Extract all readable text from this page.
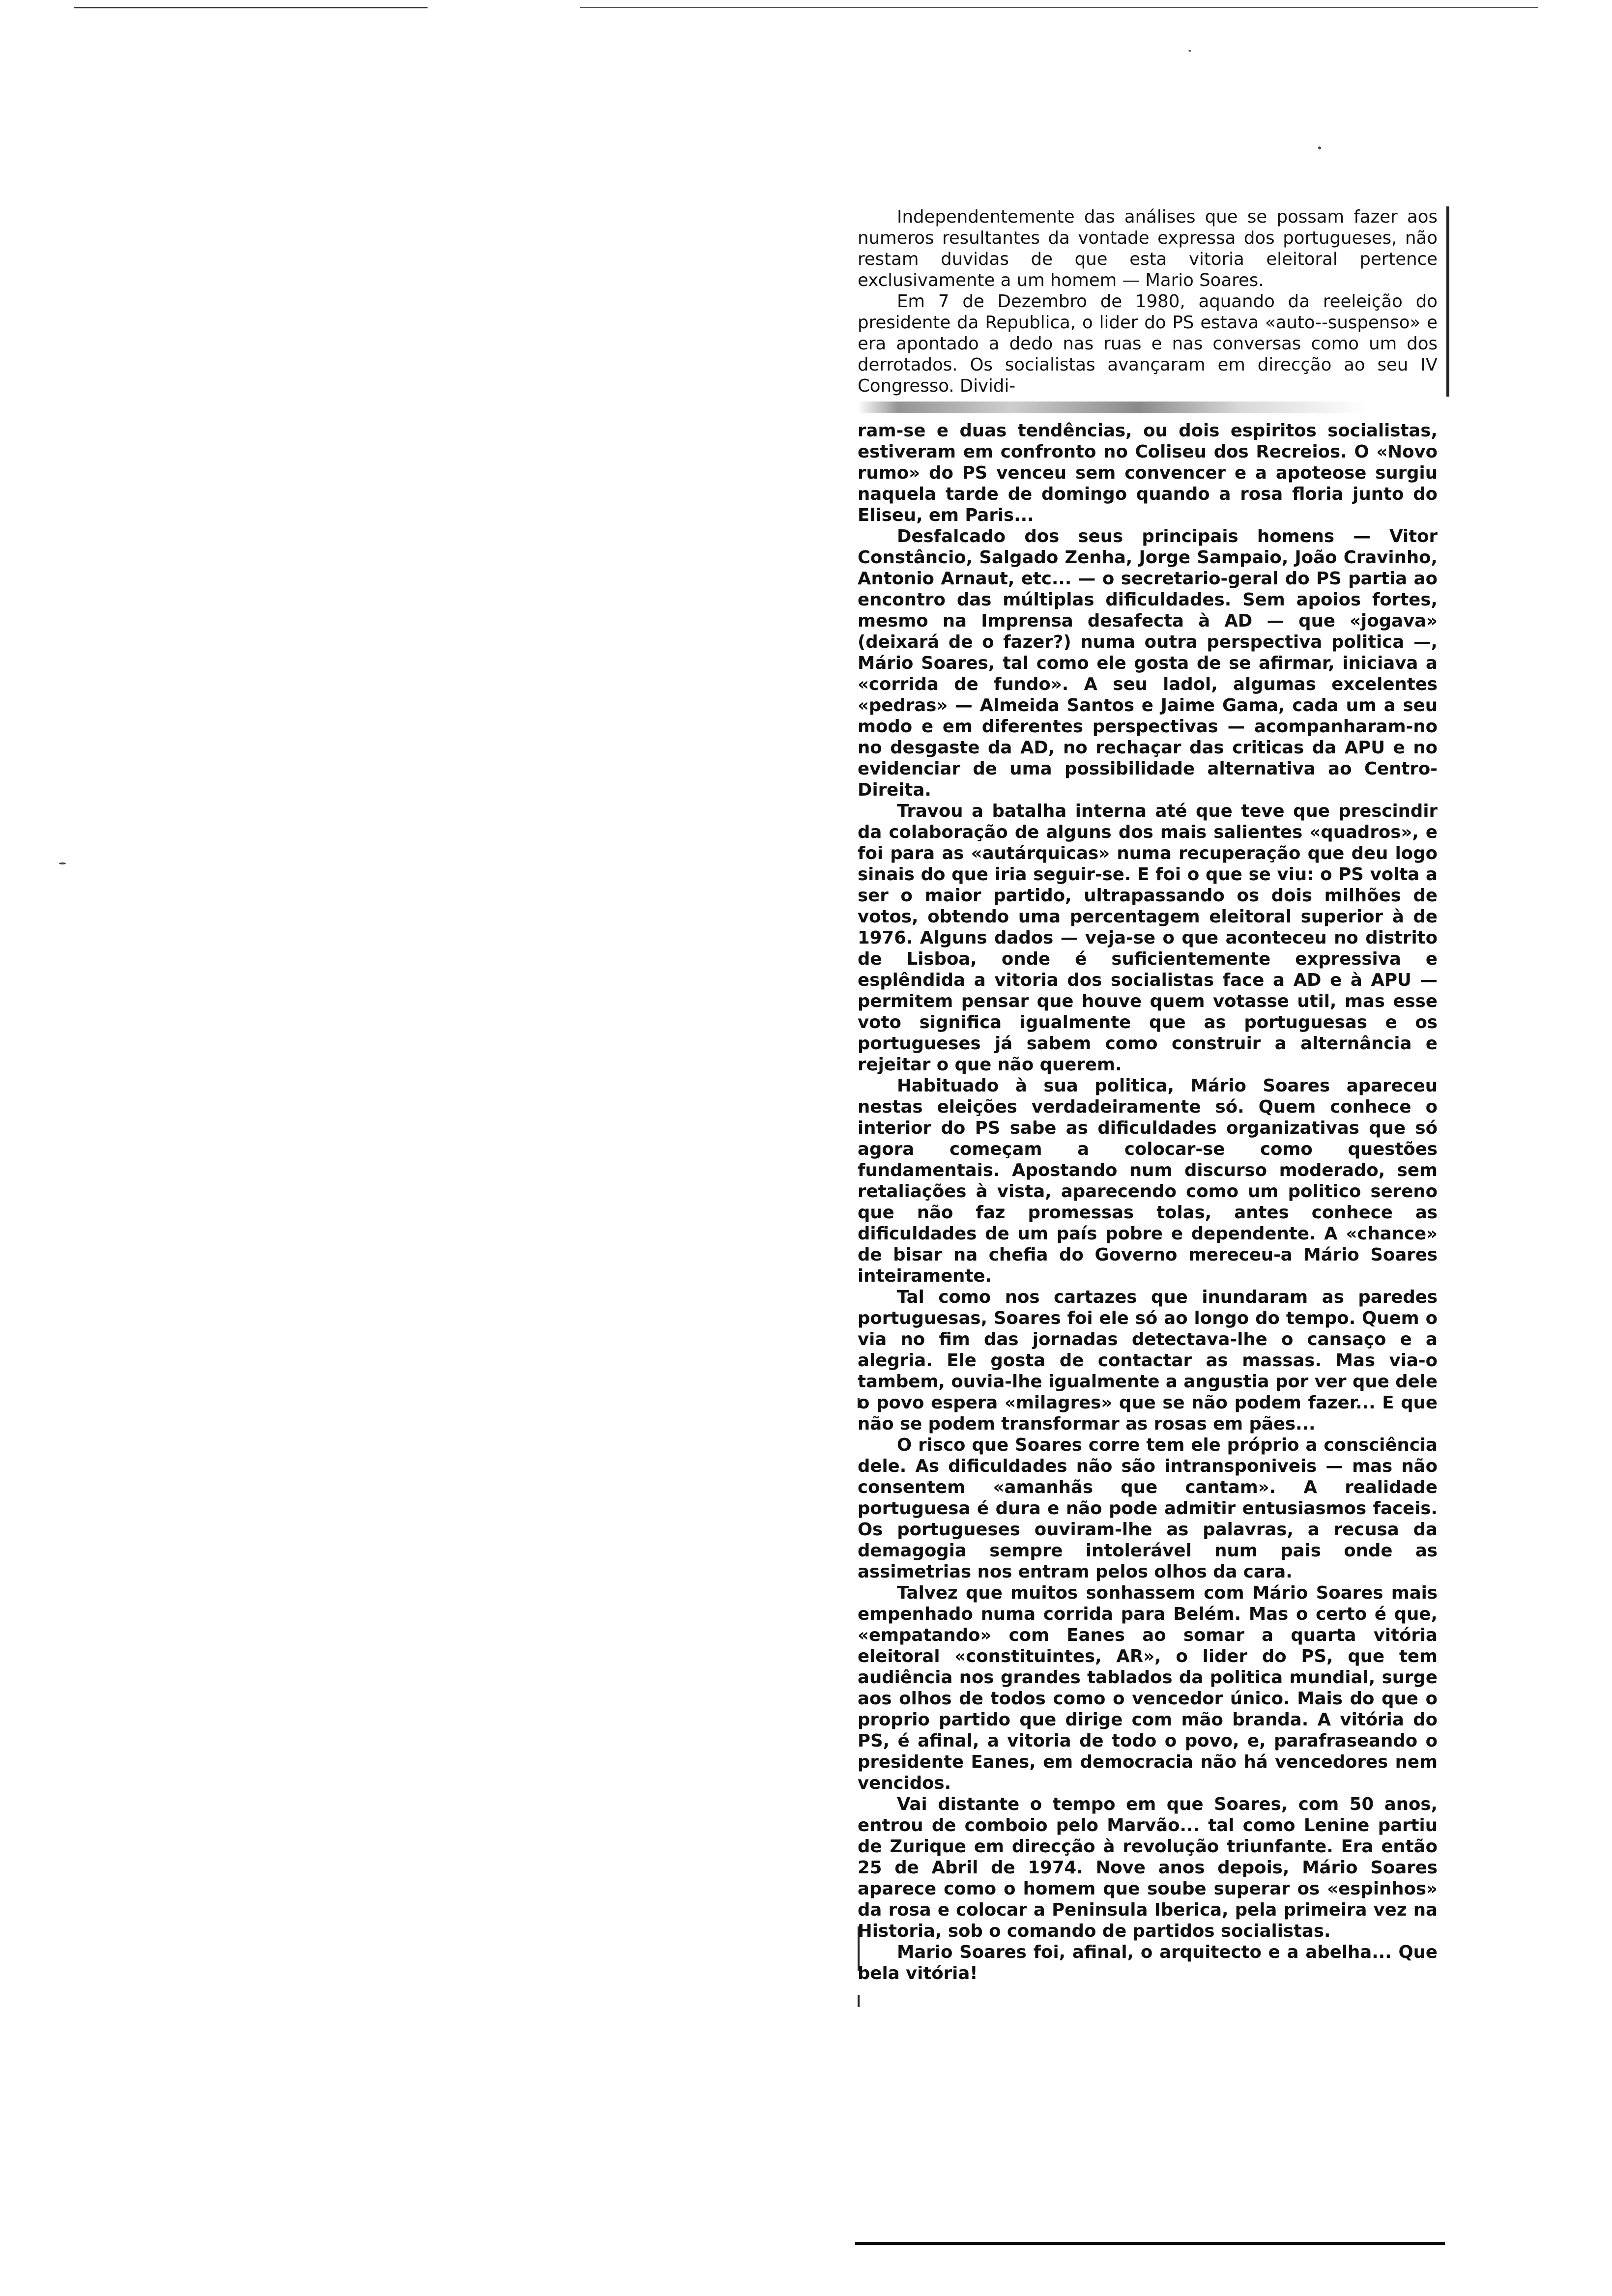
Independentemente das análises que se possam fazer aos numeros resultantes da vontade expressa dos portugueses, não restam duvidas de que esta vitoria eleitoral pertence exclusivamente a um homem — Mario Soares.

Em 7 de Dezembro de 1980, aquando da reeleição do presidente da Republica, o lider do PS estava «auto--suspenso» e era apontado a dedo nas ruas e nas conversas como um dos derrotados. Os socialistas avançaram em direcção ao seu IV Congresso. Dividi-

ram-se e duas tendências, ou dois espiritos socialistas, estiveram em confronto no Coliseu dos Recreios. O «Novo rumo» do PS venceu sem convencer e a apoteose surgiu naquela tarde de domingo quando a rosa floria junto do Eliseu, em Paris...

Desfalcado dos seus principais homens — Vitor Constâncio, Salgado Zenha, Jorge Sampaio, João Cravinho, Antonio Arnaut, etc... — o secretario-geral do PS partia ao encontro das múltiplas dificuldades. Sem apoios fortes, mesmo na Imprensa desafecta à AD — que «jogava» (deixará de o fazer?) numa outra perspectiva politica —, Mário Soares, tal como ele gosta de se afirmar, iniciava a «corrida de fundo». A seu ladol, algumas excelentes «pedras» — Almeida Santos e Jaime Gama, cada um a seu modo e em diferentes perspectivas — acompanharam-no no desgaste da AD, no rechaçar das criticas da APU e no evidenciar de uma possibilidade alternativa ao Centro-Direita.

Travou a batalha interna até que teve que prescindir da colaboração de alguns dos mais salientes «quadros», e foi para as «autárquicas» numa recuperação que deu logo sinais do que iria seguir-se. E foi o que se viu: o PS volta a ser o maior partido, ultrapassando os dois milhões de votos, obtendo uma percentagem eleitoral superior à de 1976. Alguns dados — veja-se o que aconteceu no distrito de Lisboa, onde é suficientemente expressiva e esplêndida a vitoria dos socialistas face a AD e à APU — permitem pensar que houve quem votasse util, mas esse voto significa igualmente que as portuguesas e os portugueses já sabem como construir a alternância e rejeitar o que não querem.

Habituado à sua politica, Mário Soares apareceu nestas eleições verdadeiramente só. Quem conhece o interior do PS sabe as dificuldades organizativas que só agora começam a colocar-se como questões fundamentais. Apostando num discurso moderado, sem retaliações à vista, aparecendo como um politico sereno que não faz promessas tolas, antes conhece as dificuldades de um país pobre e dependente. A «chance» de bisar na chefia do Governo mereceu-a Mário Soares inteiramente.

Tal como nos cartazes que inundaram as paredes portuguesas, Soares foi ele só ao longo do tempo. Quem o via no fim das jornadas detectava-lhe o cansaço e a alegria. Ele gosta de contactar as massas. Mas via-o tambem, ouvia-lhe igualmente a angustia por ver que dele o povo espera «milagres» que se não podem fazer... E que não se podem transformar as rosas em pães...

O risco que Soares corre tem ele próprio a consciência dele. As dificuldades não são intransponiveis — mas não consentem «amanhãs que cantam». A realidade portuguesa é dura e não pode admitir entusiasmos faceis. Os portugueses ouviram-lhe as palavras, a recusa da demagogia sempre intolerável num pais onde as assimetrias nos entram pelos olhos da cara.

Talvez que muitos sonhassem com Mário Soares mais empenhado numa corrida para Belém. Mas o certo é que, «empatando» com Eanes ao somar a quarta vitória eleitoral «constituintes, AR», o lider do PS, que tem audiência nos grandes tablados da politica mundial, surge aos olhos de todos como o vencedor único. Mais do que o proprio partido que dirige com mão branda. A vitória do PS, é afinal, a vitoria de todo o povo, e, parafraseando o presidente Eanes, em democracia não há vencedores nem vencidos.

Vai distante o tempo em que Soares, com 50 anos, entrou de comboio pelo Marvão... tal como Lenine partiu de Zurique em direcção à revolução triunfante. Era então 25 de Abril de 1974. Nove anos depois, Mário Soares aparece como o homem que soube superar os «espinhos» da rosa e colocar a Peninsula Iberica, pela primeira vez na Historia, sob o comando de partidos socialistas.

Mario Soares foi, afinal, o arquitecto e a abelha... Que bela vitória!
